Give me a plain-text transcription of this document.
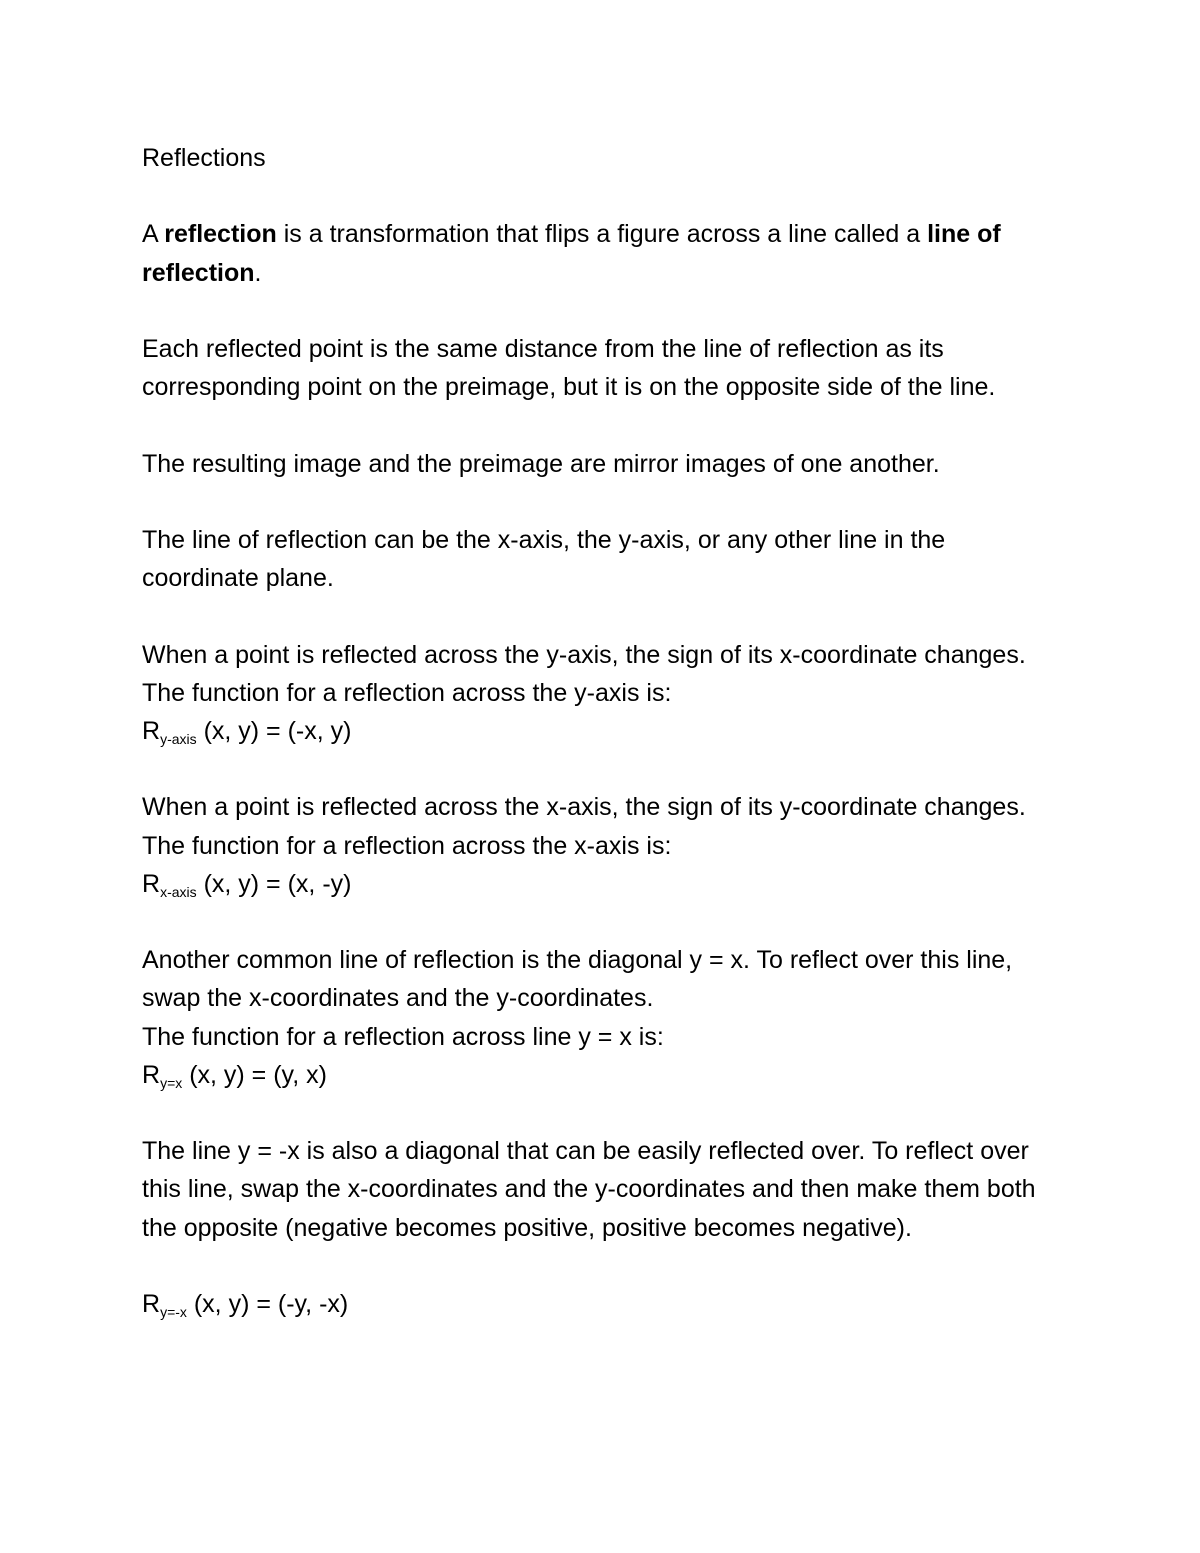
Reflections

A reflection is a transformation that flips a figure across a line called a line of reflection.

Each reflected point is the same distance from the line of reflection as its corresponding point on the preimage, but it is on the opposite side of the line.

The resulting image and the preimage are mirror images of one another.

The line of reflection can be the x-axis, the y-axis, or any other line in the coordinate plane.

When a point is reflected across the y-axis, the sign of its x-coordinate changes. The function for a reflection across the y-axis is:
$R_{y-axis}$ (x, y) = (-x, y)

When a point is reflected across the x-axis, the sign of its y-coordinate changes. The function for a reflection across the x-axis is:
$R_{x-axis}$ (x, y) = (x, -y)

Another common line of reflection is the diagonal y = x. To reflect over this line, swap the x-coordinates and the y-coordinates.
The function for a reflection across line y = x is:
$R_{y=x}$ (x, y) = (y, x)

The line y = -x is also a diagonal that can be easily reflected over. To reflect over this line, swap the x-coordinates and the y-coordinates and then make them both the opposite (negative becomes positive, positive becomes negative).

$R_{y=-x}$ (x, y) = (-y, -x)
